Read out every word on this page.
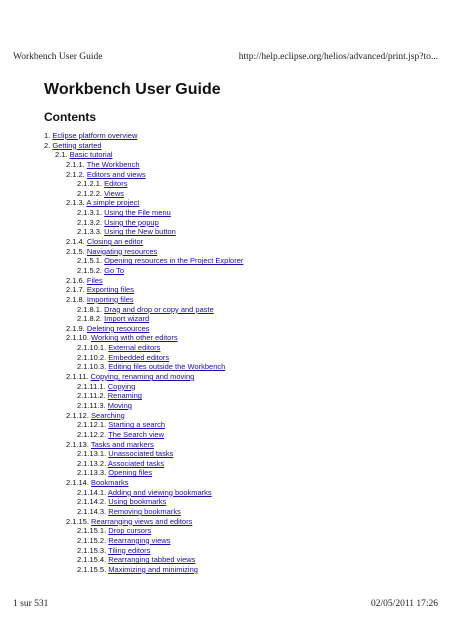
Workbench User Guide	http://help.eclipse.org/helios/advanced/print.jsp?to...
Workbench User Guide
Contents
1. Eclipse platform overview
2. Getting started
2.1. Basic tutorial
2.1.1. The Workbench
2.1.2. Editors and views
2.1.2.1. Editors
2.1.2.2. Views
2.1.3. A simple project
2.1.3.1. Using the File menu
2.1.3.2. Using the popup
2.1.3.3. Using the New button
2.1.4. Closing an editor
2.1.5. Navigating resources
2.1.5.1. Opening resources in the Project Explorer
2.1.5.2. Go To
2.1.6. Files
2.1.7. Exporting files
2.1.8. Importing files
2.1.8.1. Drag and drop or copy and paste
2.1.8.2. Import wizard
2.1.9. Deleting resources
2.1.10. Working with other editors
2.1.10.1. External editors
2.1.10.2. Embedded editors
2.1.10.3. Editing files outside the Workbench
2.1.11. Copying, renaming and moving
2.1.11.1. Copying
2.1.11.2. Renaming
2.1.11.3. Moving
2.1.12. Searching
2.1.12.1. Starting a search
2.1.12.2. The Search view
2.1.13. Tasks and markers
2.1.13.1. Unassociated tasks
2.1.13.2. Associated tasks
2.1.13.3. Opening files
2.1.14. Bookmarks
2.1.14.1. Adding and viewing bookmarks
2.1.14.2. Using bookmarks
2.1.14.3. Removing bookmarks
2.1.15. Rearranging views and editors
2.1.15.1. Drop cursors
2.1.15.2. Rearranging views
2.1.15.3. Tiling editors
2.1.15.4. Rearranging tabbed views
2.1.15.5. Maximizing and minimizing
1 sur 531	02/05/2011 17:26
